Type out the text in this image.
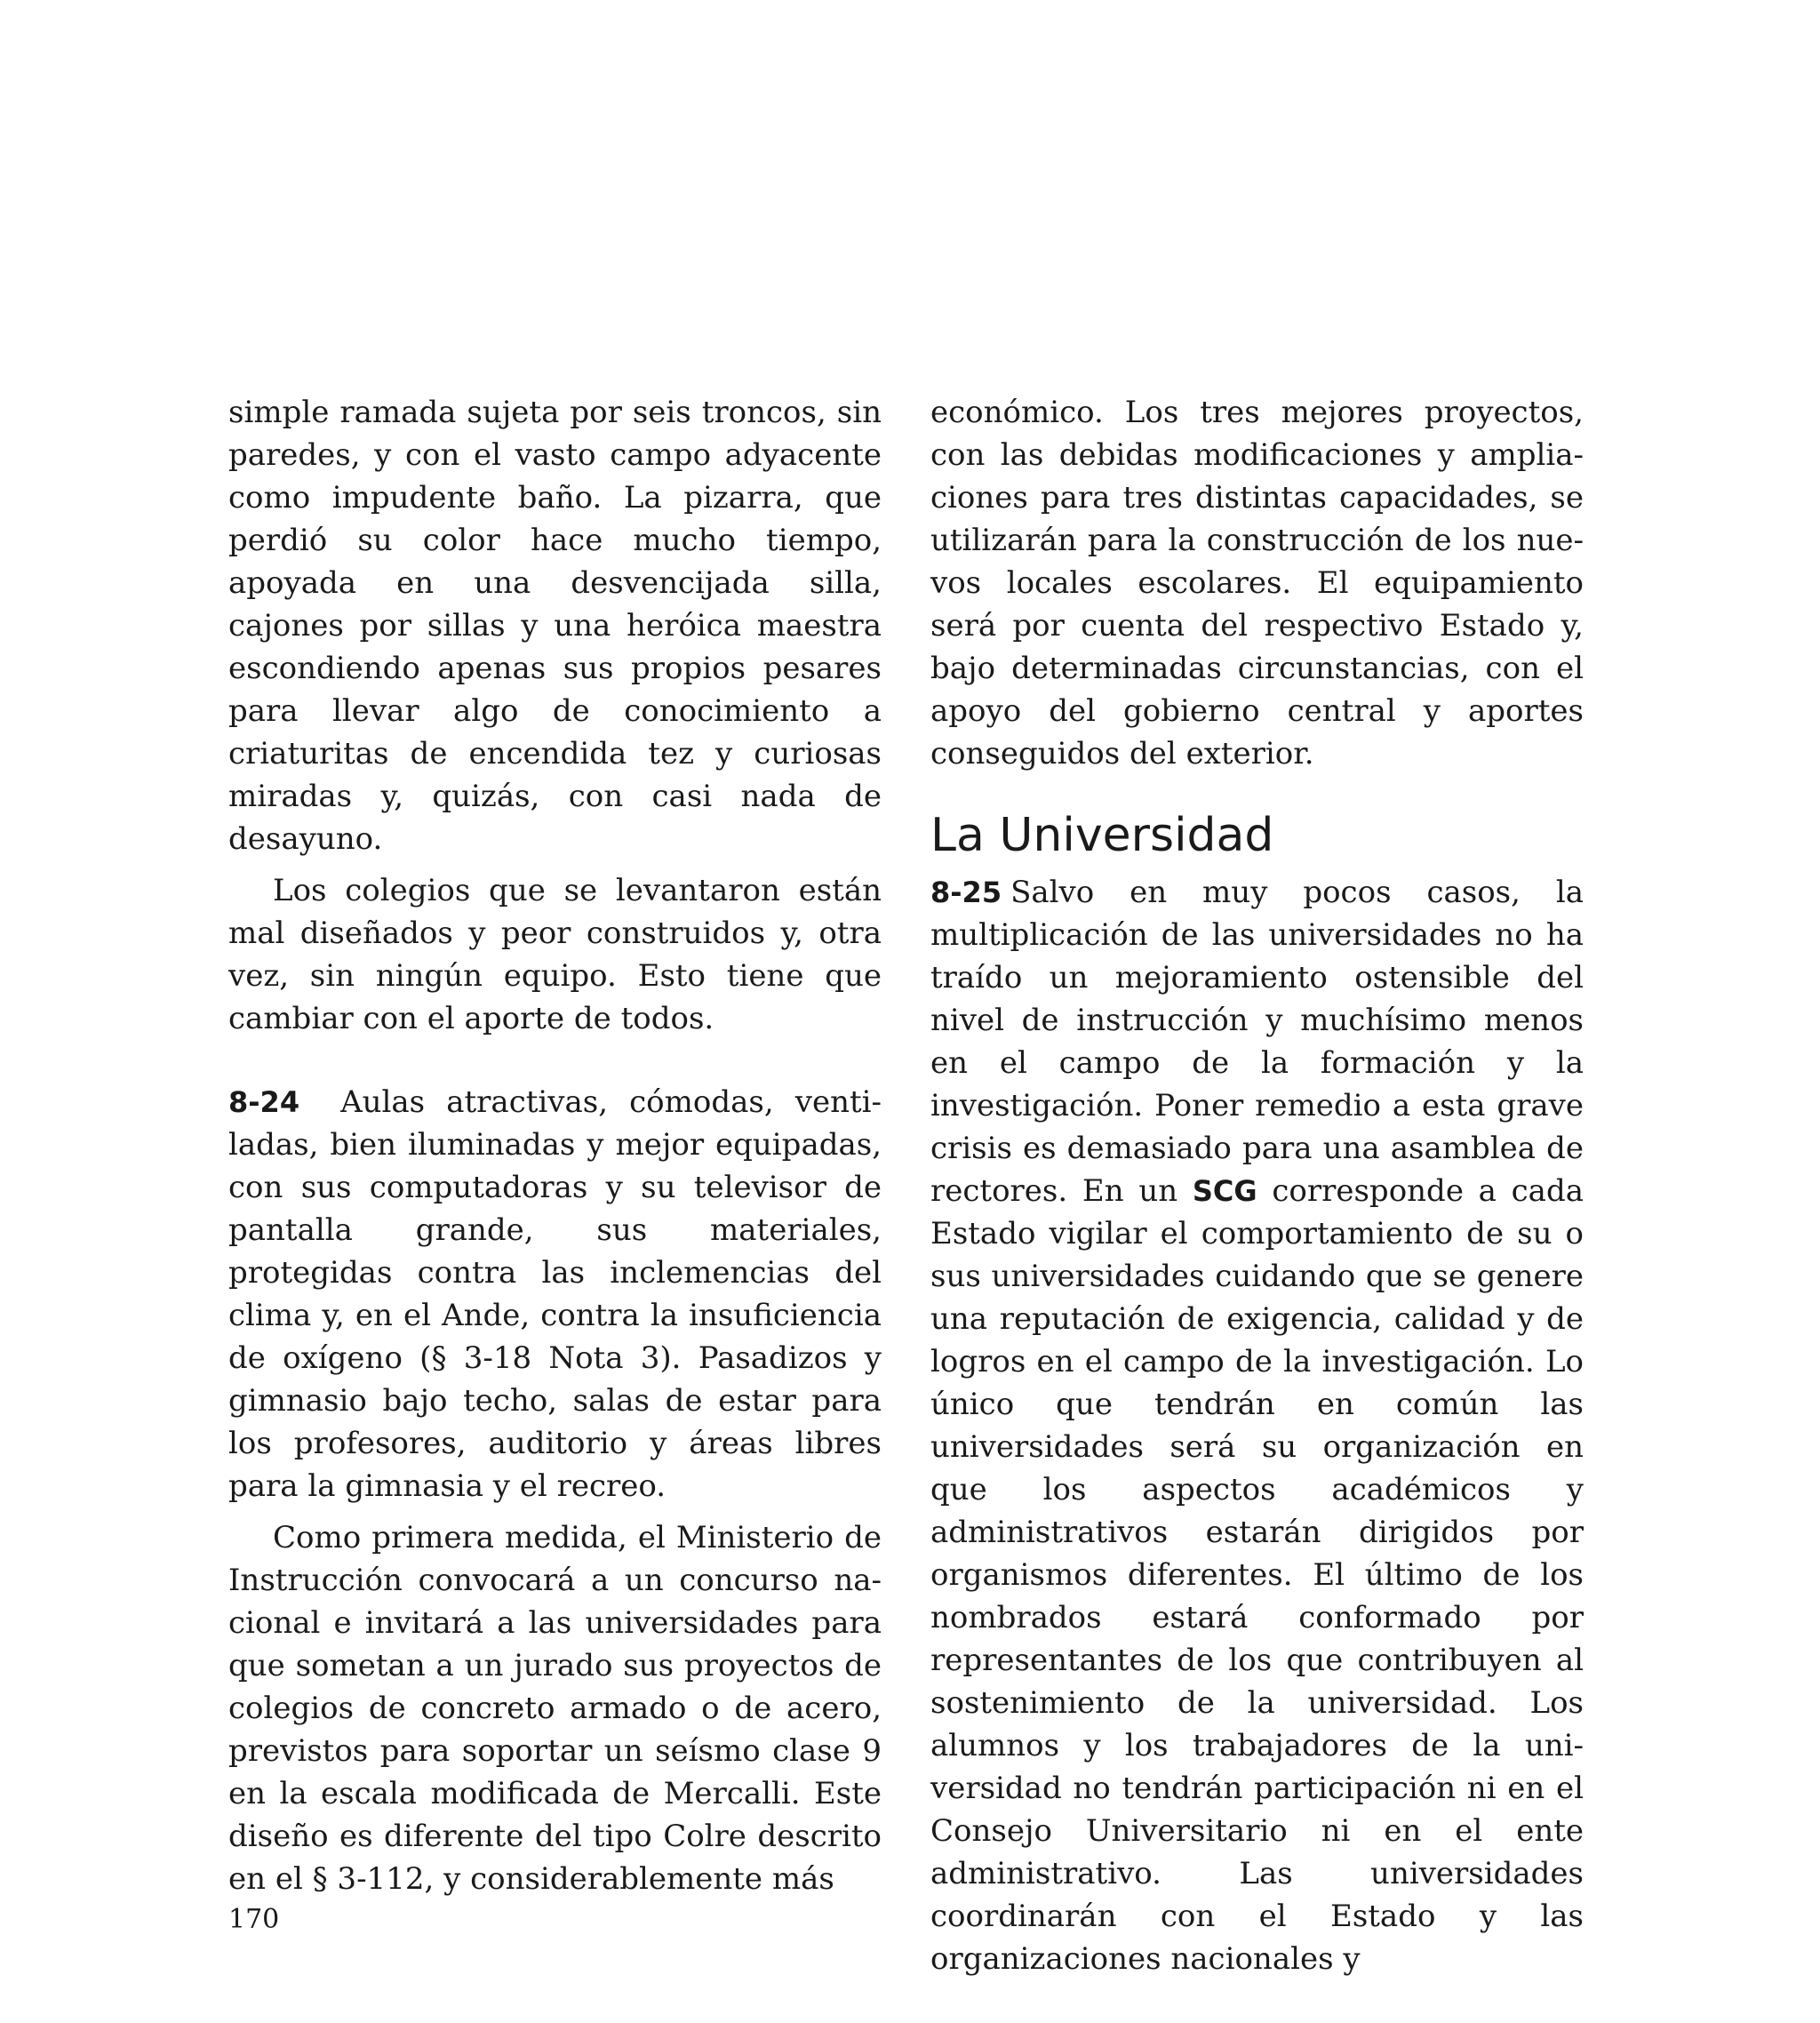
simple ramada sujeta por seis troncos, sin paredes, y con el vasto campo adyacente como impudente baño. La pizarra, que perdió su color hace mucho tiempo, apoyada en una desvencijada silla, cajones por sillas y una heróica maestra escondiendo apenas sus propios pesares para llevar algo de conocimiento a criaturitas de encendida tez y curiosas miradas y, quizás, con casi nada de desayuno.

Los colegios que se levantaron están mal diseñados y peor construidos y, otra vez, sin ningún equipo. Esto tiene que cambiar con el aporte de todos.

8-24 Aulas atractivas, cómodas, ventiladas, bien iluminadas y mejor equipadas, con sus computadoras y su televisor de pantalla grande, sus materiales, protegidas contra las inclemencias del clima y, en el Ande, contra la insuficiencia de oxígeno (§ 3-18 Nota 3). Pasadizos y gimnasio bajo techo, salas de estar para los profesores, auditorio y áreas libres para la gimnasia y el recreo.

Como primera medida, el Ministerio de Instrucción convocará a un concurso nacional e invitará a las universidades para que sometan a un jurado sus proyectos de colegios de concreto armado o de acero, previstos para soportar un seísmo clase 9 en la escala modificada de Mercalli. Este diseño es diferente del tipo Colre descrito en el § 3-112, y considerablemente más

económico. Los tres mejores proyectos, con las debidas modificaciones y ampliaciones para tres distintas capacidades, se utilizarán para la construcción de los nuevos locales escolares. El equipamiento será por cuenta del respectivo Estado y, bajo determinadas circunstancias, con el apoyo del gobierno central y aportes conseguidos del exterior.

La Universidad

8-25 Salvo en muy pocos casos, la multiplicación de las universidades no ha traído un mejoramiento ostensible del nivel de instrucción y muchísimo menos en el campo de la formación y la investigación. Poner remedio a esta grave crisis es demasiado para una asamblea de rectores. En un SCG corresponde a cada Estado vigilar el comportamiento de su o sus universidades cuidando que se genere una reputación de exigencia, calidad y de logros en el campo de la investigación. Lo único que tendrán en común las universidades será su organización en que los aspectos académicos y administrativos estarán dirigidos por organismos diferentes. El último de los nombrados estará conformado por representantes de los que contribuyen al sostenimiento de la universidad. Los alumnos y los trabajadores de la universidad no tendrán participación ni en el Consejo Universitario ni en el ente administrativo. Las universidades coordinarán con el Estado y las organizaciones nacionales y

170
